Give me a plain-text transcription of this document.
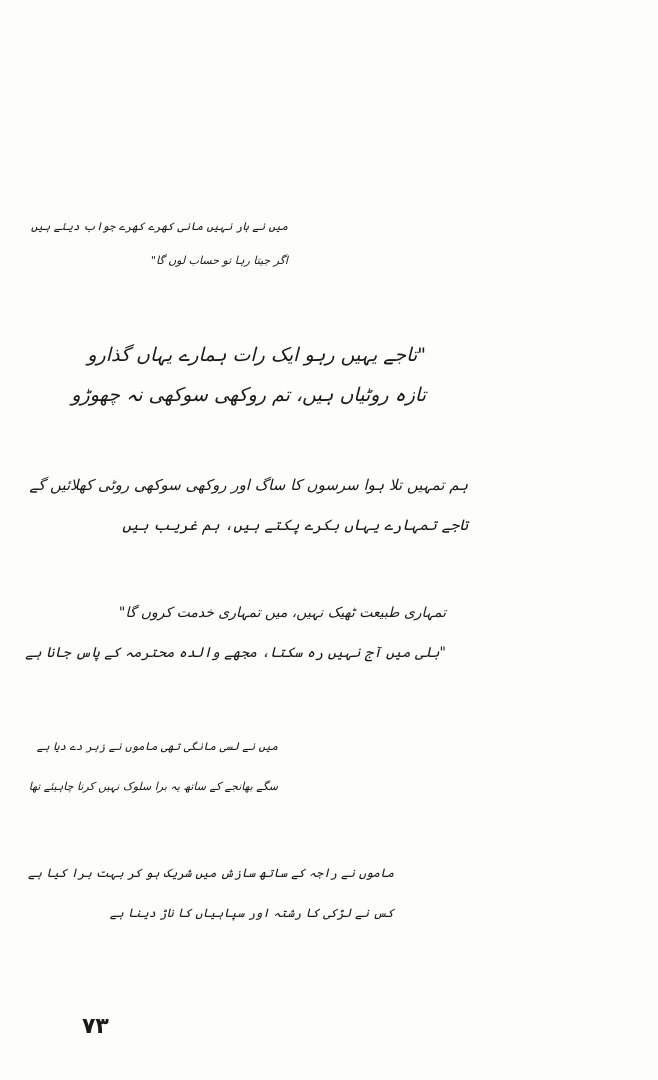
میں نے ہار نہیں مانی کھرے کھرے جواب دیئے ہیں
اگر جیتا رہا تو حساب لوں گا"
"تاجے یہیں رہو ایک رات ہمارے یہاں گذارو
تازہ روٹیاں ہیں، تم روکھی سوکھی نہ چھوڑو
ہم تمہیں تلا ہوا سرسوں کا ساگ اور روکھی سوکھی روٹی کھلائیں گے
تاجے تمہارے یہاں بکرے پکتے ہیں، ہم غریب ہیں
تمہاری طبیعت ٹھیک نہیں، میں تمہاری خدمت کروں گا"
"بلی میں آج نہیں رہ سکتا، مجھے والدہ محترمہ کے پاس جانا ہے
میں نے لسی مانگی تھی ماموں نے زہر دے دیا ہے
سگے بھانجے کے ساتھ یہ برا سلوک نہیں کرنا چاہیئے تھا
ماموں نے راجہ کے ساتھ سازش میں شریک ہو کر بہت برا کیا ہے
کس نے لڑکی کا رشتہ اور سپاہیاں کا ناڑ دینا ہے
۷۳
